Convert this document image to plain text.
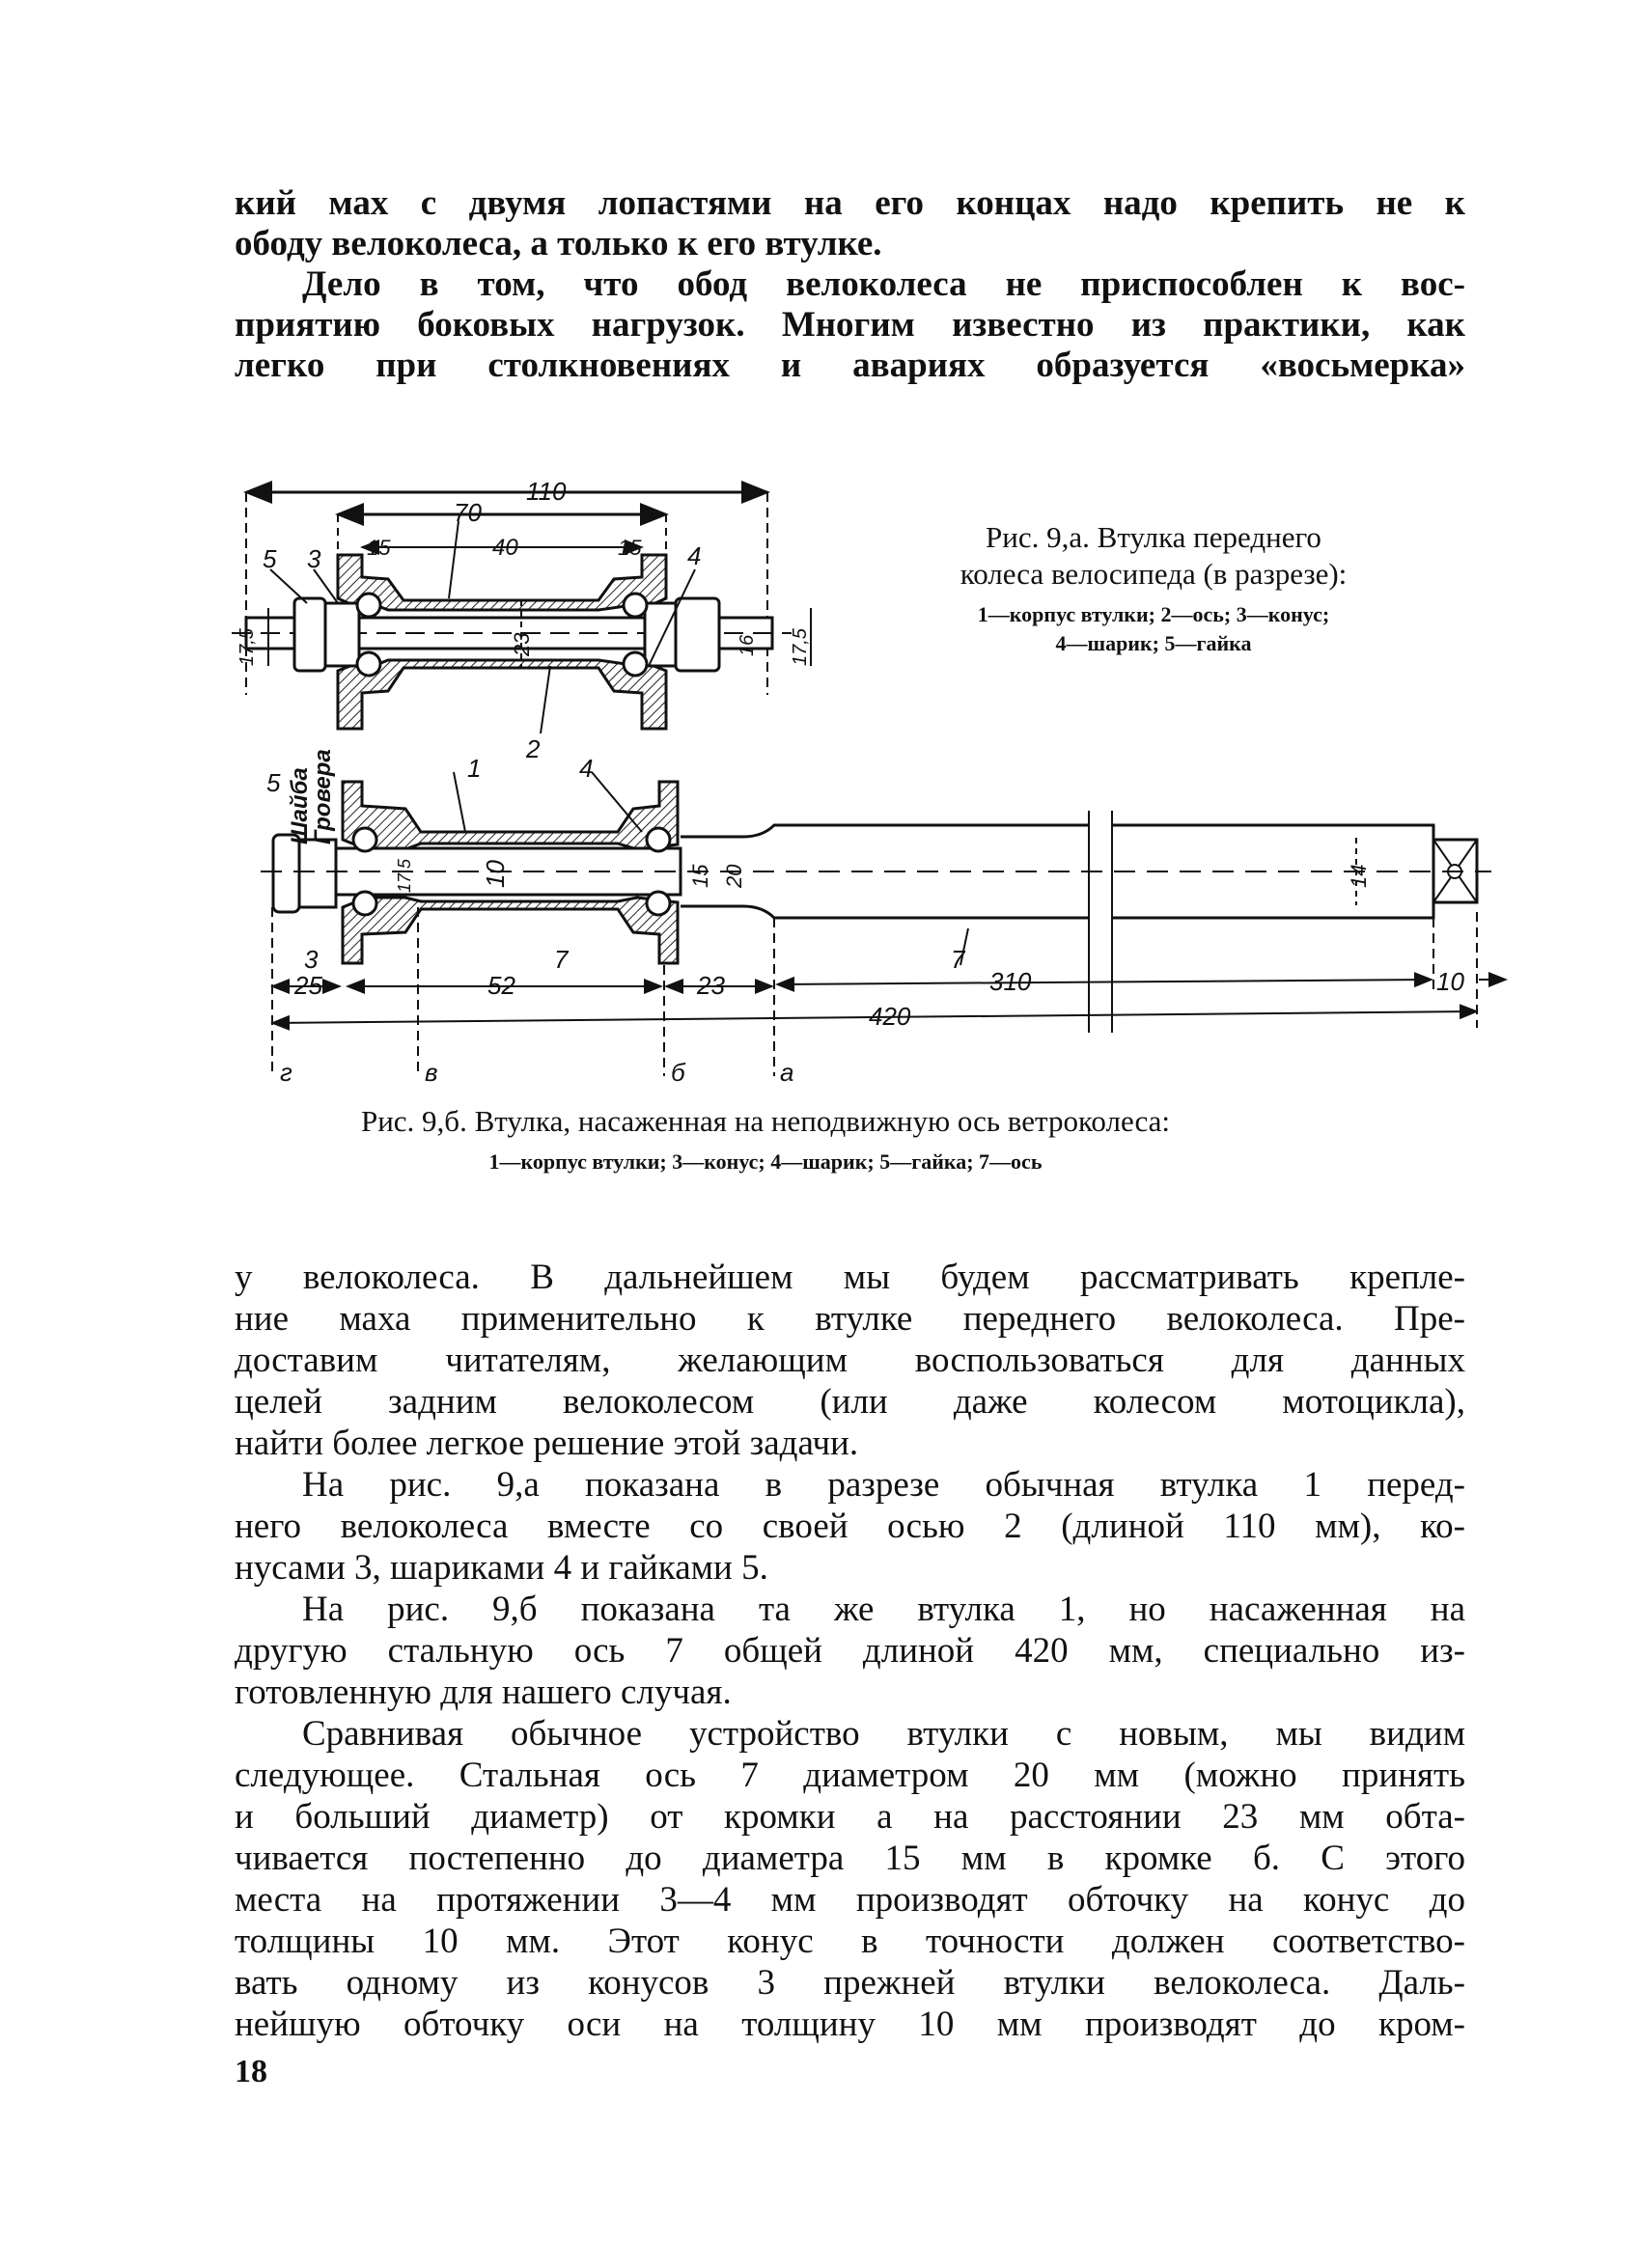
кий мах с двумя лопастями на его концах надо крепить не к
ободу велоколеса, а только к его втулке.
Дело в том, что обод велоколеса не приспособлен к вос-
приятию боковых нагрузок. Многим известно из практики, как
легко при столкновениях и авариях образуется «восьмерка»
110
70
15	40	15
5 3	4
23
2
17,5	16 17,5
5 Шайба
Гровера	1	4
17,5	10	15 20	14
7	7
3
25	52	23	310	10
420
г	в	б	а
Рис. 9,а. Втулка переднего
колеса велосипеда (в разрезе):
1—корпус втулки; 2—ось; 3—конус;
4—шарик; 5—гайка
Рис. 9,б. Втулка, насаженная на неподвижную ось ветроколеса:
1—корпус втулки; 3—конус; 4—шарик; 5—гайка; 7—ось
у велоколеса. В дальнейшем мы будем рассматривать крепле-
ние маха применительно к втулке переднего велоколеса. Пре-
доставим читателям, желающим воспользоваться для данных
целей задним велоколесом (или даже колесом мотоцикла),
найти более легкое решение этой задачи.
На рис. 9,а показана в разрезе обычная втулка 1 перед-
него велоколеса вместе со своей осью 2 (длиной 110 мм), ко-
нусами 3, шариками 4 и гайками 5.
На рис. 9,б показана та же втулка 1, но насаженная на
другую стальную ось 7 общей длиной 420 мм, специально из-
готовленную для нашего случая.
Сравнивая обычное устройство втулки с новым, мы видим
следующее. Стальная ось 7 диаметром 20 мм (можно принять
и больший диаметр) от кромки а на расстоянии 23 мм обта-
чивается постепенно до диаметра 15 мм в кромке б. С этого
места на протяжении 3—4 мм производят обточку на конус до
толщины 10 мм. Этот конус в точности должен соответство-
вать одному из конусов 3 прежней втулки велоколеса. Даль-
нейшую обточку оси на толщину 10 мм производят до кром-
18
